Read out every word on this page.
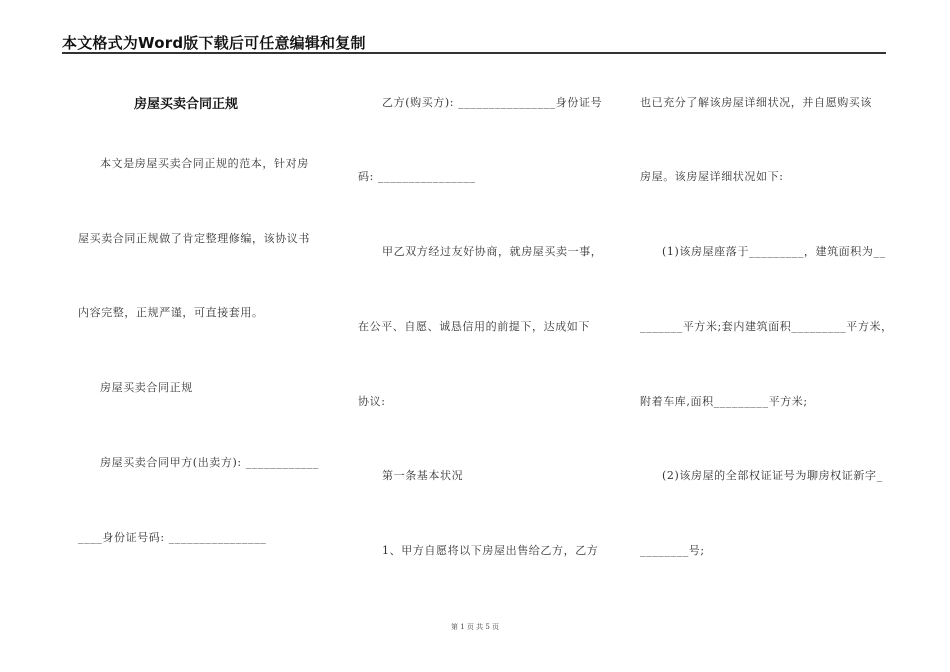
本文格式为Word版下载后可任意编辑和复制
房屋买卖合同正规
本文是房屋买卖合同正规的范本，针对房
屋买卖合同正规做了肯定整理修编，该协议书
内容完整，正规严谨，可直接套用。
房屋买卖合同正规
房屋买卖合同甲方(出卖方): ____________
____身份证号码: ________________
乙方(购买方): ________________身份证号
码: ________________
甲乙双方经过友好协商，就房屋买卖一事，
在公平、自愿、诚恳信用的前提下，达成如下
协议:
第一条基本状况
1、甲方自愿将以下房屋出售给乙方，乙方
也已充分了解该房屋详细状况，并自愿购买该
房屋。该房屋详细状况如下:
(1)该房屋座落于_________，建筑面积为__
_______平方米;套内建筑面积_________平方米，
附着车库,面积_________平方米;
(2)该房屋的全部权证证号为聊房权证新字_
________号;
第 1 页 共 5 页
